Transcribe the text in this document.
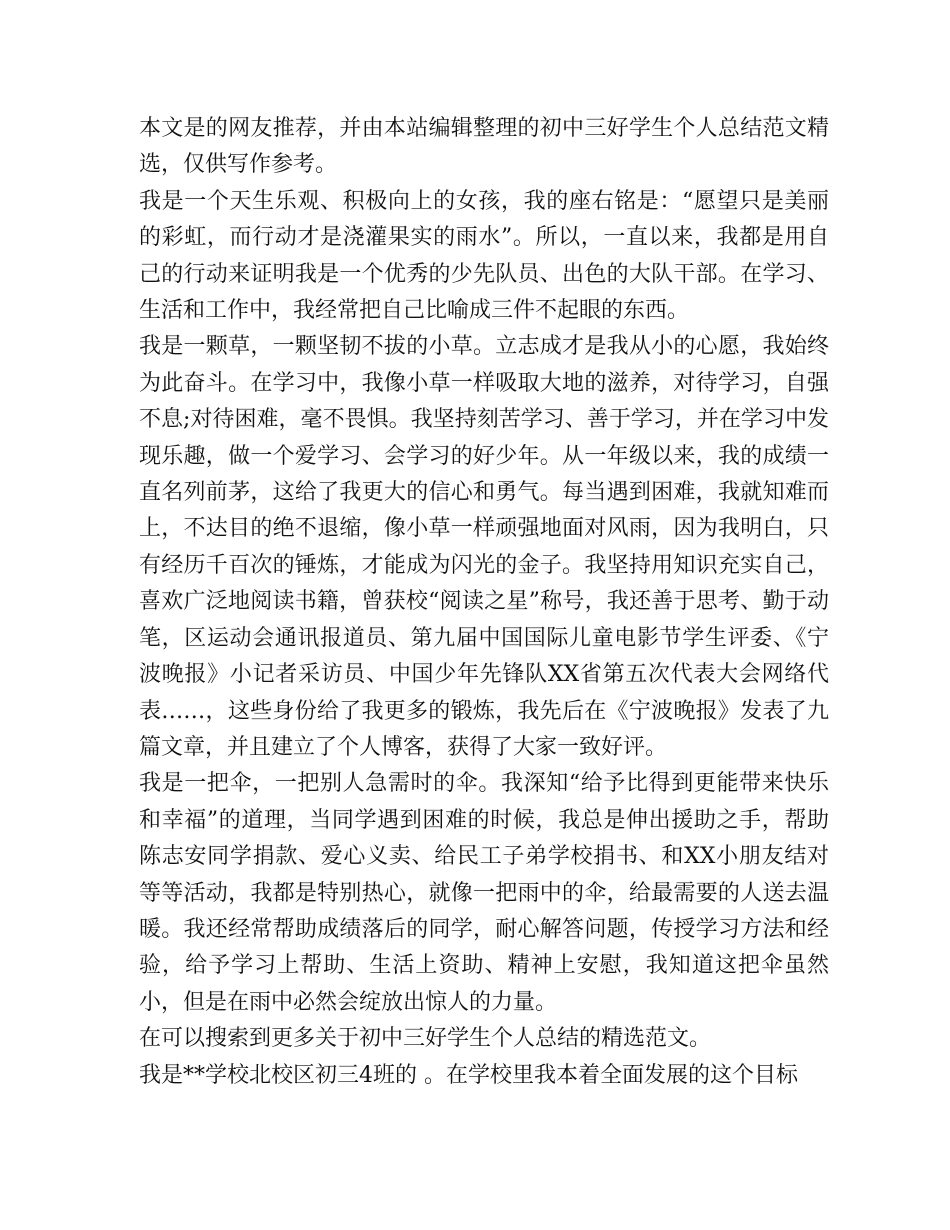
本文是的网友推荐，并由本站编辑整理的初中三好学生个人总结范文精选，仅供写作参考。

我是一个天生乐观、积极向上的女孩，我的座右铭是：“愿望只是美丽的彩虹，而行动才是浇灌果实的雨水”。所以，一直以来，我都是用自己的行动来证明我是一个优秀的少先队员、出色的大队干部。在学习、生活和工作中，我经常把自己比喻成三件不起眼的东西。

我是一颗草，一颗坚韧不拔的小草。立志成才是我从小的心愿，我始终为此奋斗。在学习中，我像小草一样吸取大地的滋养，对待学习，自强不息;对待困难，毫不畏惧。我坚持刻苦学习、善于学习，并在学习中发现乐趣，做一个爱学习、会学习的好少年。从一年级以来，我的成绩一直名列前茅，这给了我更大的信心和勇气。每当遇到困难，我就知难而上，不达目的绝不退缩，像小草一样顽强地面对风雨，因为我明白，只有经历千百次的锤炼，才能成为闪光的金子。我坚持用知识充实自己，喜欢广泛地阅读书籍，曾获校“阅读之星”称号，我还善于思考、勤于动笔，区运动会通讯报道员、第九届中国国际儿童电影节学生评委、《宁波晚报》小记者采访员、中国少年先锋队XX省第五次代表大会网络代表……，这些身份给了我更多的锻炼，我先后在《宁波晚报》发表了九篇文章，并且建立了个人博客，获得了大家一致好评。

我是一把伞，一把别人急需时的伞。我深知“给予比得到更能带来快乐和幸福”的道理，当同学遇到困难的时候，我总是伸出援助之手，帮助陈志安同学捐款、爱心义卖、给民工子弟学校捐书、和XX小朋友结对等等活动，我都是特别热心，就像一把雨中的伞，给最需要的人送去温暖。我还经常帮助成绩落后的同学，耐心解答问题，传授学习方法和经验，给予学习上帮助、生活上资助、精神上安慰，我知道这把伞虽然小，但是在雨中必然会绽放出惊人的力量。

在可以搜索到更多关于初中三好学生个人总结的精选范文。

我是**学校北校区初三4班的 。在学校里我本着全面发展的这个目标
